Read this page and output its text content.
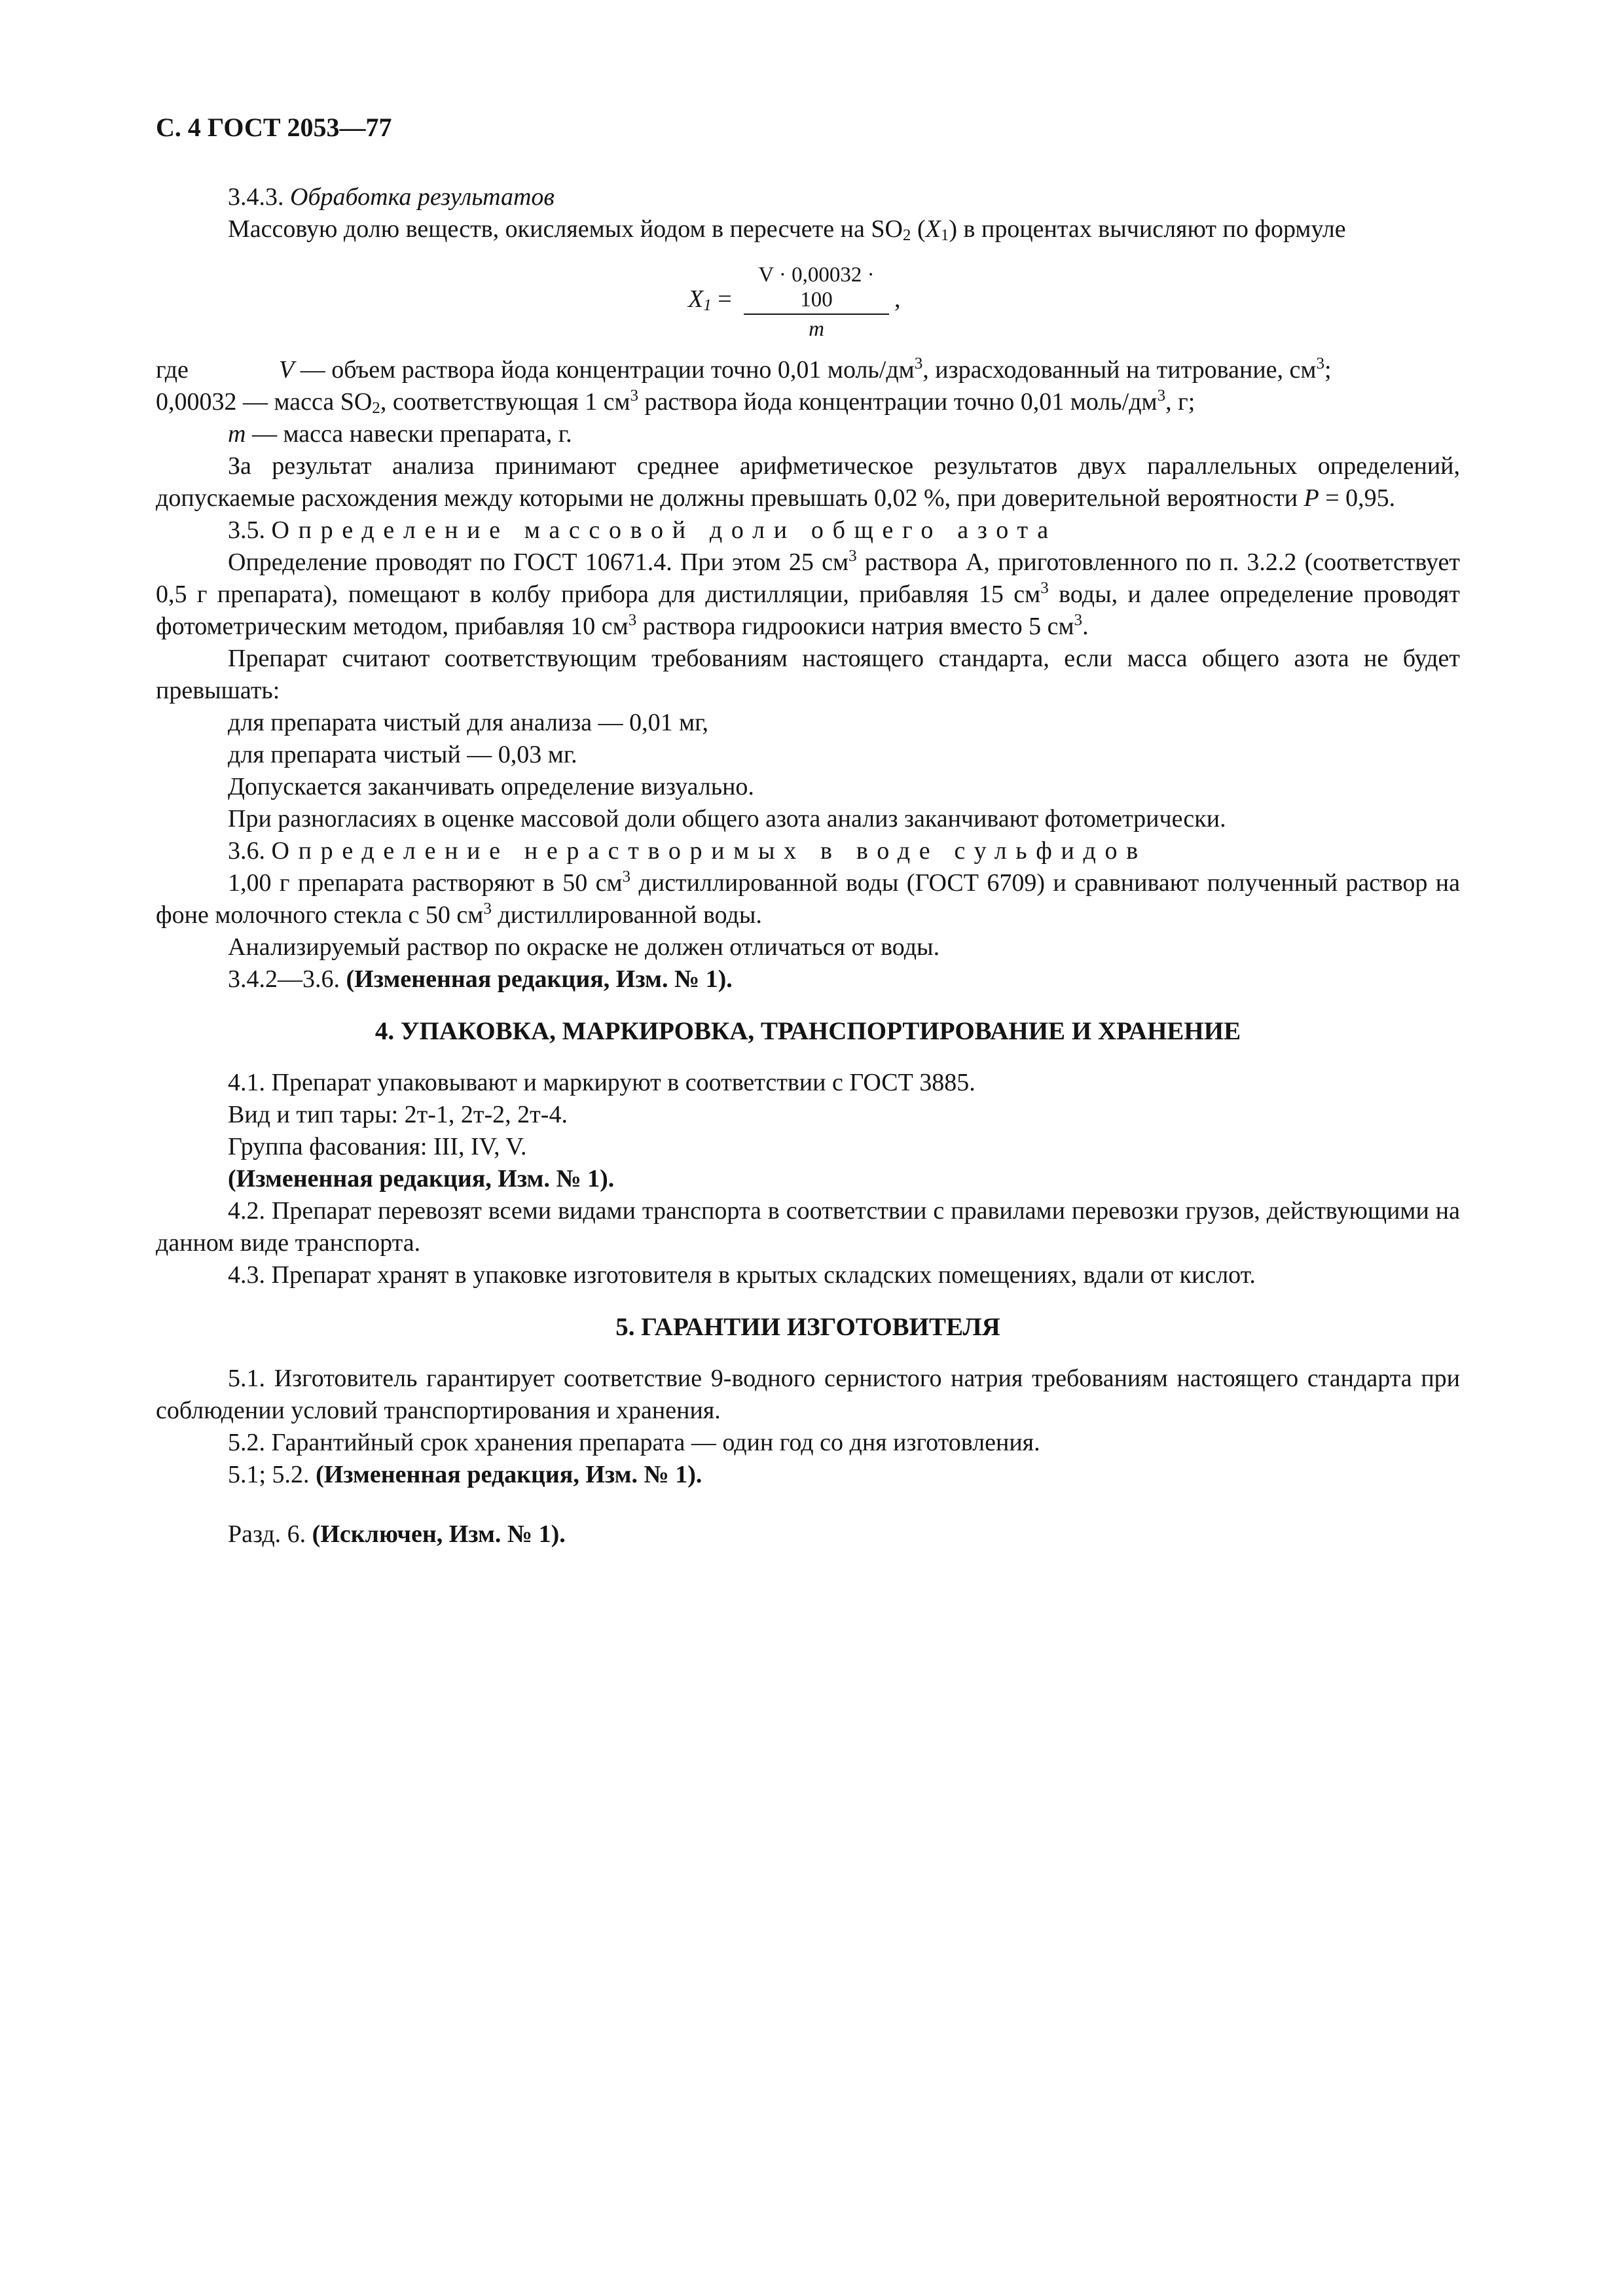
С. 4 ГОСТ 2053—77

3.4.3. Обработка результатов

Массовую долю веществ, окисляемых йодом в пересчете на $SO_2$ $(X_1)$ в процентах вычисляют по формуле

$X_1 = \frac{V \cdot 0,00032 \cdot 100}{m}$ ,
где	V — объем раствора йода концентрации точно 0,01 моль/$дм^3$, израсходованный на титрование, $см^3$;

0,00032 — масса $SO_2$, соответствующая 1 $см^3$ раствора йода концентрации точно 0,01 моль/$дм^3$, г;

m — масса навески препарата, г.

За результат анализа принимают среднее арифметическое результатов двух параллельных определений, допускаемые расхождения между которыми не должны превышать 0,02 %, при доверительной вероятности P = 0,95.

3.5. Определение массовой доли общего азота

Определение проводят по ГОСТ 10671.4. При этом 25 $см^3$ раствора А, приготовленного по п. 3.2.2 (соответствует 0,5 г препарата), помещают в колбу прибора для дистилляции, прибавляя 15 $см^3$ воды, и далее определение проводят фотометрическим методом, прибавляя 10 $см^3$ раствора гидроокиси натрия вместо 5 $см^3$.

Препарат считают соответствующим требованиям настоящего стандарта, если масса общего азота не будет превышать:

для препарата чистый для анализа — 0,01 мг,

для препарата чистый — 0,03 мг.

Допускается заканчивать определение визуально.

При разногласиях в оценке массовой доли общего азота анализ заканчивают фотометрически.

3.6. Определение нерастворимых в воде сульфидов

1,00 г препарата растворяют в 50 $см^3$ дистиллированной воды (ГОСТ 6709) и сравнивают полученный раствор на фоне молочного стекла с 50 $см^3$ дистиллированной воды.

Анализируемый раствор по окраске не должен отличаться от воды.

3.4.2—3.6. (Измененная редакция, Изм. № 1).

4. УПАКОВКА, МАРКИРОВКА, ТРАНСПОРТИРОВАНИЕ И ХРАНЕНИЕ

4.1. Препарат упаковывают и маркируют в соответствии с ГОСТ 3885.

Вид и тип тары: 2т-1, 2т-2, 2т-4.

Группа фасования: III, IV, V.

(Измененная редакция, Изм. № 1).

4.2. Препарат перевозят всеми видами транспорта в соответствии с правилами перевозки грузов, действующими на данном виде транспорта.

4.3. Препарат хранят в упаковке изготовителя в крытых складских помещениях, вдали от кислот.

5. ГАРАНТИИ ИЗГОТОВИТЕЛЯ

5.1. Изготовитель гарантирует соответствие 9-водного сернистого натрия требованиям настоящего стандарта при соблюдении условий транспортирования и хранения.

5.2. Гарантийный срок хранения препарата — один год со дня изготовления.

5.1; 5.2. (Измененная редакция, Изм. № 1).

Разд. 6. (Исключен, Изм. № 1).
